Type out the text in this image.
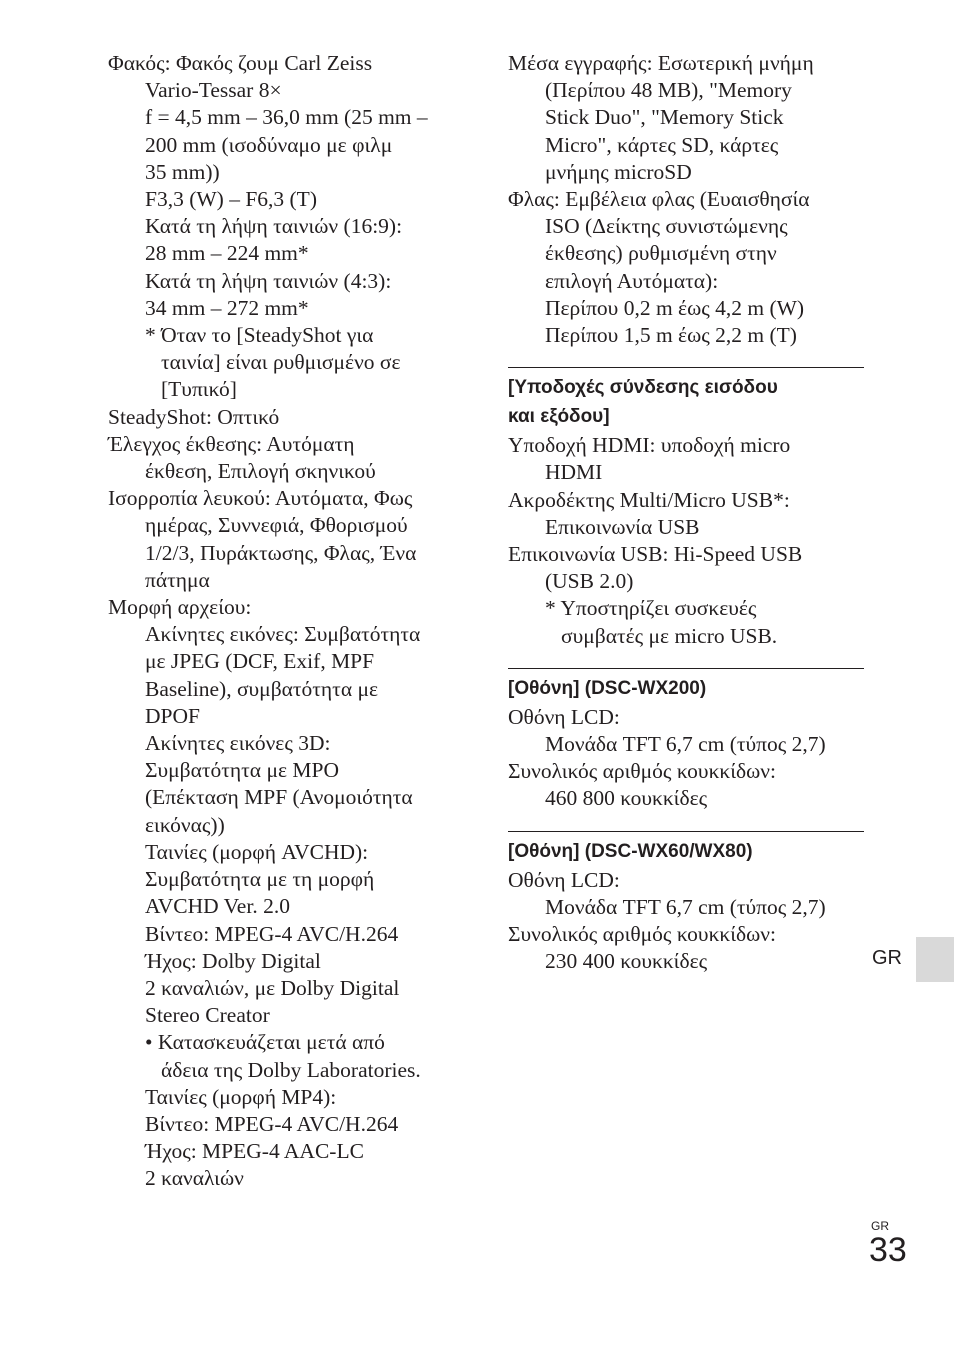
Φακός: Φακός ζουμ Carl Zeiss
Vario-Tessar 8×
f = 4,5 mm – 36,0 mm (25 mm –
200 mm (ισοδύναμο με φιλμ
35 mm))
F3,3 (W) – F6,3 (T)
Κατά τη λήψη ταινιών (16:9):
28 mm – 224 mm*
Κατά τη λήψη ταινιών (4:3):
34 mm – 272 mm*
* Όταν το [SteadyShot για
ταινία] είναι ρυθμισμένο σε
[Τυπικό]
SteadyShot: Οπτικό
Έλεγχος έκθεσης: Αυτόματη
έκθεση, Επιλογή σκηνικού
Ισορροπία λευκού: Αυτόματα, Φως
ημέρας, Συννεφιά, Φθορισμού
1/2/3, Πυράκτωσης, Φλας, Ένα
πάτημα
Μορφή αρχείου:
Ακίνητες εικόνες: Συμβατότητα
με JPEG (DCF, Exif, MPF
Baseline), συμβατότητα με
DPOF
Ακίνητες εικόνες 3D:
Συμβατότητα με MPO
(Επέκταση MPF (Ανομοιότητα
εικόνας))
Ταινίες (μορφή AVCHD):
Συμβατότητα με τη μορφή
AVCHD Ver. 2.0
Βίντεο: MPEG-4 AVC/H.264
Ήχος: Dolby Digital
2 καναλιών, με Dolby Digital
Stereo Creator
• Κατασκευάζεται μετά από
άδεια της Dolby Laboratories.
Ταινίες (μορφή MP4):
Βίντεο: MPEG-4 AVC/H.264
Ήχος: MPEG-4 AAC-LC
2 καναλιών
Μέσα εγγραφής: Εσωτερική μνήμη
(Περίπου 48 MB), "Memory
Stick Duo", "Memory Stick
Micro", κάρτες SD, κάρτες
μνήμης microSD
Φλας: Εμβέλεια φλας (Ευαισθησία
ISO (Δείκτης συνιστώμενης
έκθεσης) ρυθμισμένη στην
επιλογή Αυτόματα):
Περίπου 0,2 m έως 4,2 m (W)
Περίπου 1,5 m έως 2,2 m (T)
[Υποδοχές σύνδεσης εισόδου
και εξόδου]
Υποδοχή HDMI: υποδοχή micro
HDMI
Ακροδέκτης Multi/Micro USB*:
Επικοινωνία USB
Επικοινωνία USB: Hi-Speed USB
(USB 2.0)
* Υποστηρίζει συσκευές
συμβατές με micro USB.
[Οθόνη] (DSC-WX200)
Οθόνη LCD:
Μονάδα TFT 6,7 cm (τύπος 2,7)
Συνολικός αριθμός κουκκίδων:
460 800 κουκκίδες
[Οθόνη] (DSC-WX60/WX80)
Οθόνη LCD:
Μονάδα TFT 6,7 cm (τύπος 2,7)
Συνολικός αριθμός κουκκίδων:
230 400 κουκκίδες	GR
GR
33
